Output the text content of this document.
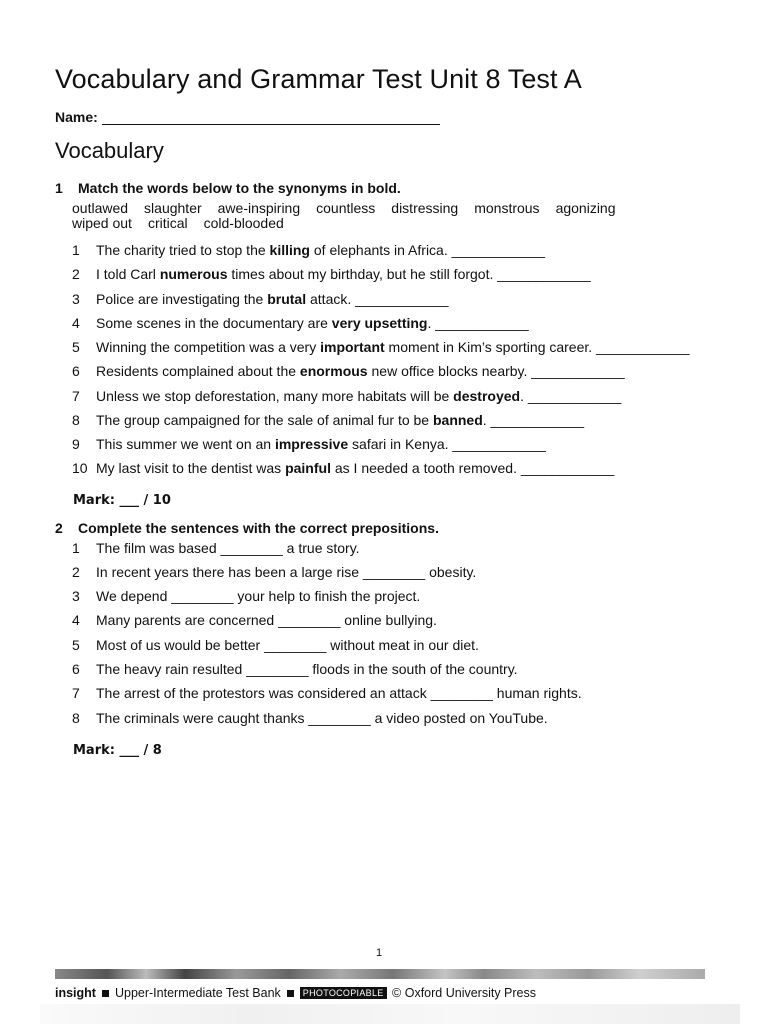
Vocabulary and Grammar Test Unit 8 Test A
Name:
Vocabulary
1 Match the words below to the synonyms in bold.
outlawed slaughter awe-inspiring countless distressing monstrous agonizing
wiped out critical cold-blooded
1 The charity tried to stop the killing of elephants in Africa. ____________
2 I told Carl numerous times about my birthday, but he still forgot. ____________
3 Police are investigating the brutal attack. ____________
4 Some scenes in the documentary are very upsetting. ____________
5 Winning the competition was a very important moment in Kim’s sporting career. ____________
6 Residents complained about the enormous new office blocks nearby. ____________
7 Unless we stop deforestation, many more habitats will be destroyed. ____________
8 The group campaigned for the sale of animal fur to be banned. ____________
9 This summer we went on an impressive safari in Kenya. ____________
10 My last visit to the dentist was painful as I needed a tooth removed. ____________
Mark: ___ / 10
2 Complete the sentences with the correct prepositions.
1 The film was based ________ a true story.
2 In recent years there has been a large rise ________ obesity.
3 We depend ________ your help to finish the project.
4 Many parents are concerned ________ online bullying.
5 Most of us would be better ________ without meat in our diet.
6 The heavy rain resulted ________ floods in the south of the country.
7 The arrest of the protestors was considered an attack ________ human rights.
8 The criminals were caught thanks ________ a video posted on YouTube.
Mark: ___ / 8
1
insight Upper-Intermediate Test Bank PHOTOCOPIABLE © Oxford University Press
